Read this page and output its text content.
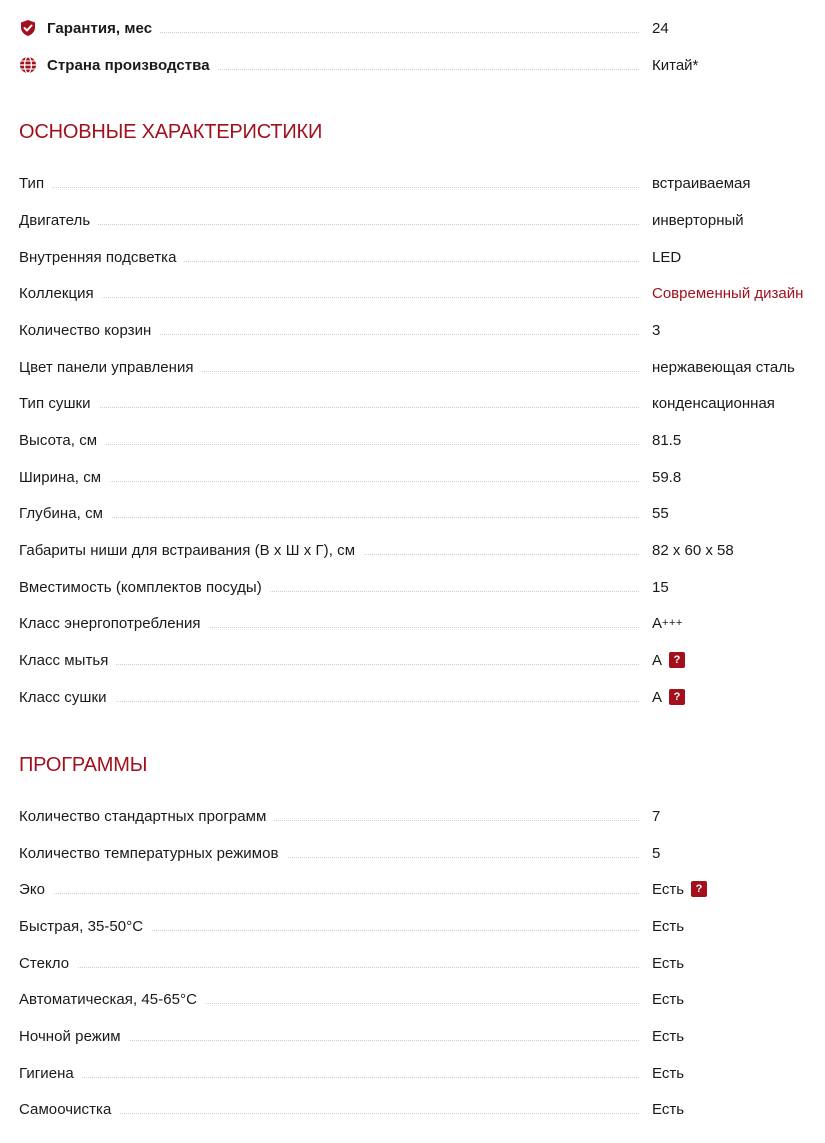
Гарантия, мес	24
Страна производства	Китай*
ОСНОВНЫЕ ХАРАКТЕРИСТИКИ
Тип	встраиваемая
Двигатель	инверторный
Внутренняя подсветка	LED
Коллекция	Современный дизайн
Количество корзин	3
Цвет панели управления	нержавеющая сталь
Тип сушки	конденсационная
Высота, см	81.5
Ширина, см	59.8
Глубина, см	55
Габариты ниши для встраивания (В х Ш х Г), см	82 x 60 x 58
Вместимость (комплектов посуды)	15
Класс энергопотребления	A +++
Класс мытья	A	?
Класс сушки	A	?
ПРОГРАММЫ
Количество стандартных программ	7
Количество температурных режимов	5
Эко	Есть	?
Быстрая, 35-50°С	Есть
Стекло	Есть
Автоматическая, 45-65°С	Есть
Ночной режим	Есть
Гигиена	Есть
Самоочистка	Есть
